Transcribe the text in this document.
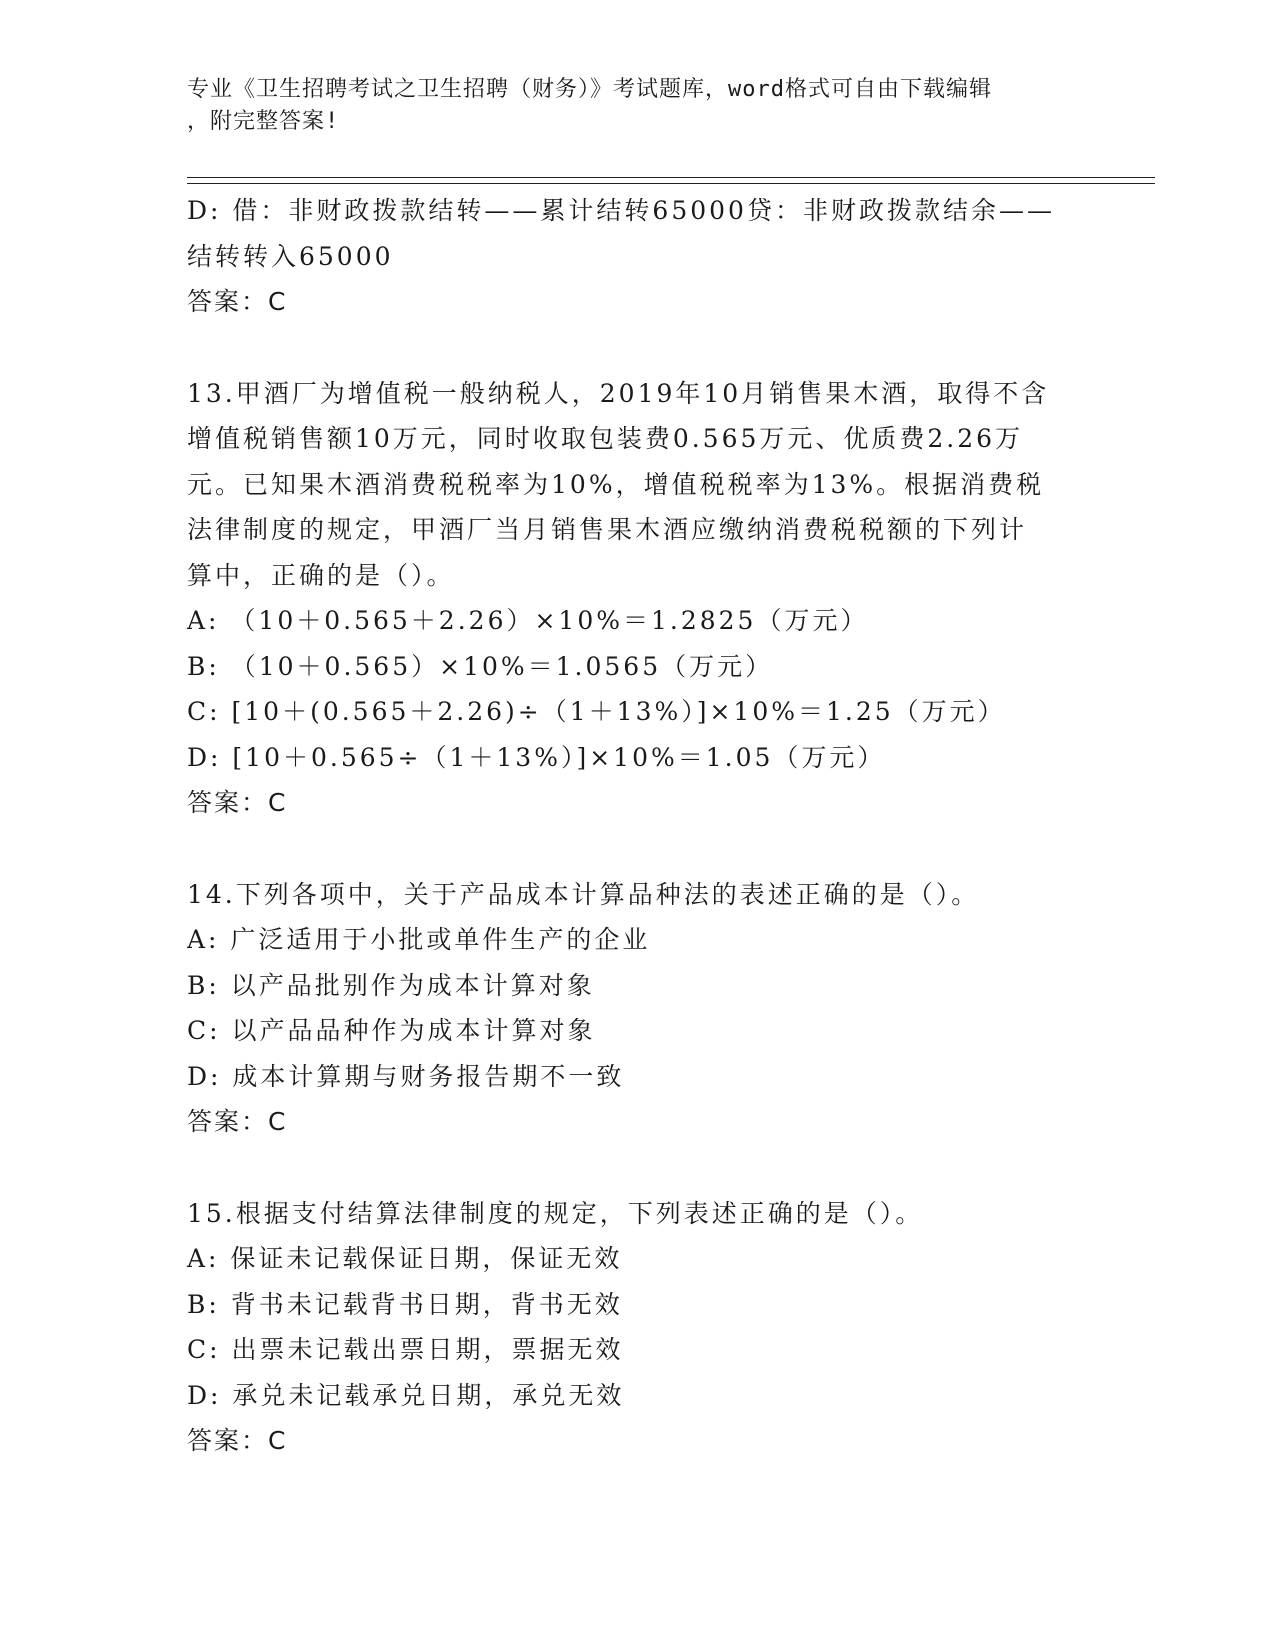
专业《卫生招聘考试之卫生招聘（财务）》考试题库，word格式可自由下载编辑
，附完整答案!
D: 借：非财政拨款结转——累计结转65000贷：非财政拨款结余——
结转转入65000
答案：C
13.甲酒厂为增值税一般纳税人，2019年10月销售果木酒，取得不含
增值税销售额10万元，同时收取包装费0.565万元、优质费2.26万
元。已知果木酒消费税税率为10%，增值税税率为13%。根据消费税
法律制度的规定，甲酒厂当月销售果木酒应缴纳消费税税额的下列计
算中，正确的是（）。
A: （10＋0.565＋2.26）×10%＝1.2825（万元）
B: （10＋0.565）×10%＝1.0565（万元）
C: [10＋(0.565＋2.26)÷（1＋13%）]×10%＝1.25（万元）
D: [10＋0.565÷（1＋13%）]×10%＝1.05（万元）
答案：C
14.下列各项中，关于产品成本计算品种法的表述正确的是（）。
A: 广泛适用于小批或单件生产的企业
B: 以产品批别作为成本计算对象
C: 以产品品种作为成本计算对象
D: 成本计算期与财务报告期不一致
答案：C
15.根据支付结算法律制度的规定，下列表述正确的是（）。
A: 保证未记载保证日期，保证无效
B: 背书未记载背书日期，背书无效
C: 出票未记载出票日期，票据无效
D: 承兑未记载承兑日期，承兑无效
答案：C
